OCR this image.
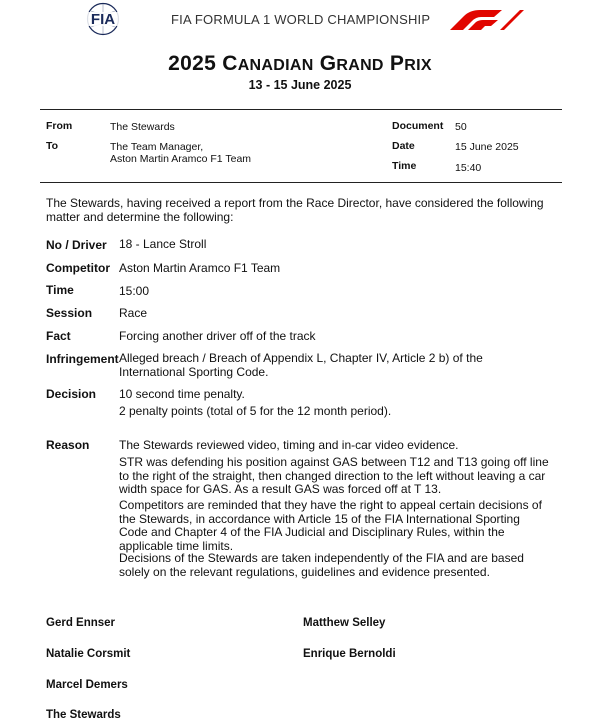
FIA	FIA FORMULA 1 WORLD CHAMPIONSHIP
2025 CANADIAN GRAND PRIX
13 - 15 June 2025
From	The Stewards
To	The Team Manager,
Aston Martin Aramco F1 Team
Document 50
Date	15 June 2025
Time	15:40
The Stewards, having received a report from the Race Director, have considered the following matter and determine the following:
No / Driver 18 - Lance Stroll
Competitor Aston Martin Aramco F1 Team
Time	15:00
Session Race
Fact	Forcing another driver off of the track
Infringement Alleged breach / Breach of Appendix L, Chapter IV, Article 2 b) of the International Sporting Code.
Decision 10 second time penalty.
2 penalty points (total of 5 for the 12 month period).
Reason The Stewards reviewed video, timing and in-car video evidence.
STR was defending his position against GAS between T12 and T13 going off line to the right of the straight, then changed direction to the left without leaving a car width space for GAS. As a result GAS was forced off at T 13.
Competitors are reminded that they have the right to appeal certain decisions of the Stewards, in accordance with Article 15 of the FIA International Sporting Code and Chapter 4 of the FIA Judicial and Disciplinary Rules, within the applicable time limits.
Decisions of the Stewards are taken independently of the FIA and are based solely on the relevant regulations, guidelines and evidence presented.
Gerd Ennser	Matthew Selley
Natalie Corsmit	Enrique Bernoldi
Marcel Demers
The Stewards
